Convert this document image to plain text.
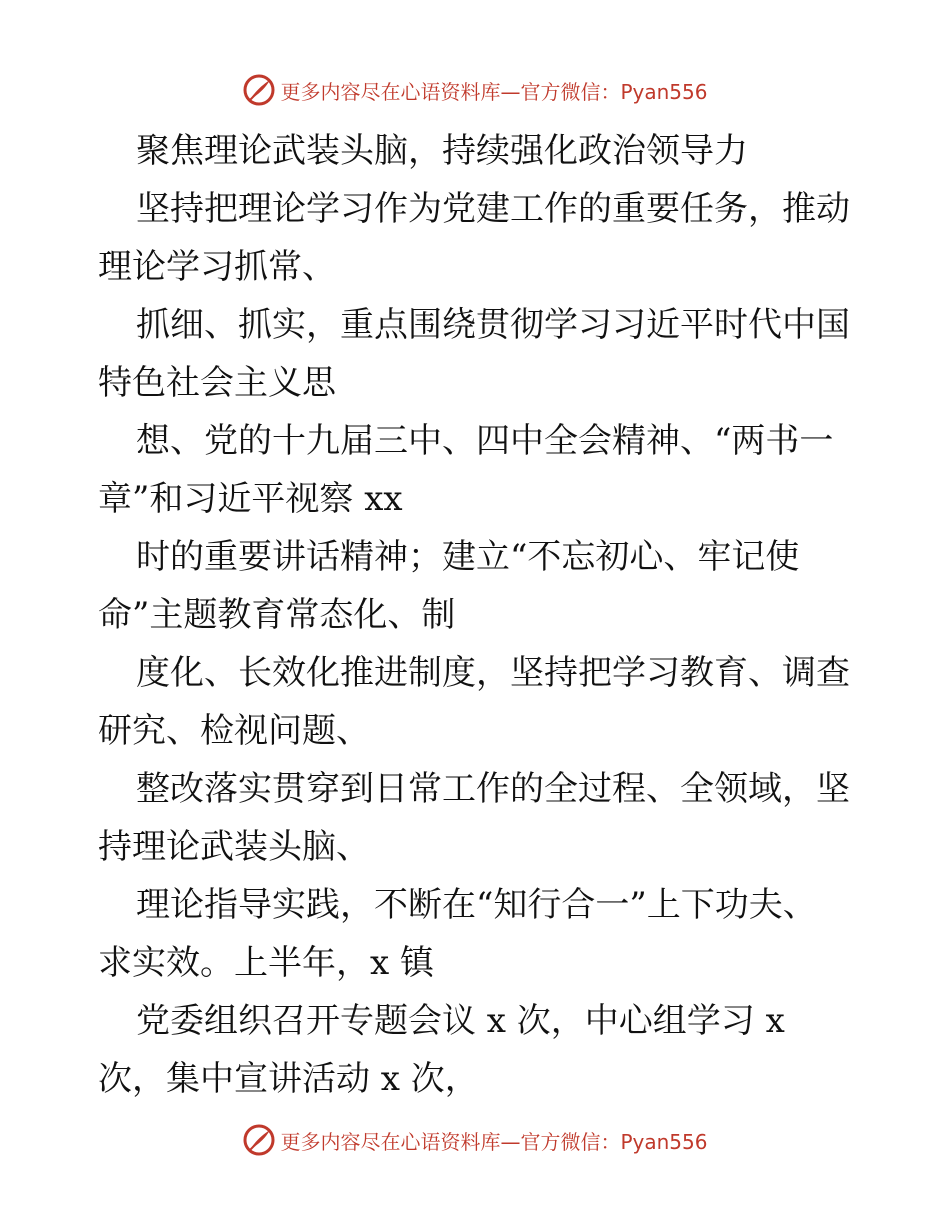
更多内容尽在心语资料库—官方微信：Pyan556
聚焦理论武装头脑，持续强化政治领导力
坚持把理论学习作为党建工作的重要任务，推动
理论学习抓常、
抓细、抓实，重点围绕贯彻学习习近平时代中国
特色社会主义思
想、党的十九届三中、四中全会精神、“两书一
章”和习近平视察 xx
时的重要讲话精神；建立“不忘初心、牢记使
命”主题教育常态化、制
度化、长效化推进制度，坚持把学习教育、调查
研究、检视问题、
整改落实贯穿到日常工作的全过程、全领域，坚
持理论武装头脑、
理论指导实践，不断在“知行合一”上下功夫、
求实效。上半年，x 镇
党委组织召开专题会议 x 次，中心组学习 x
次，集中宣讲活动 x 次，
更多内容尽在心语资料库—官方微信：Pyan556
